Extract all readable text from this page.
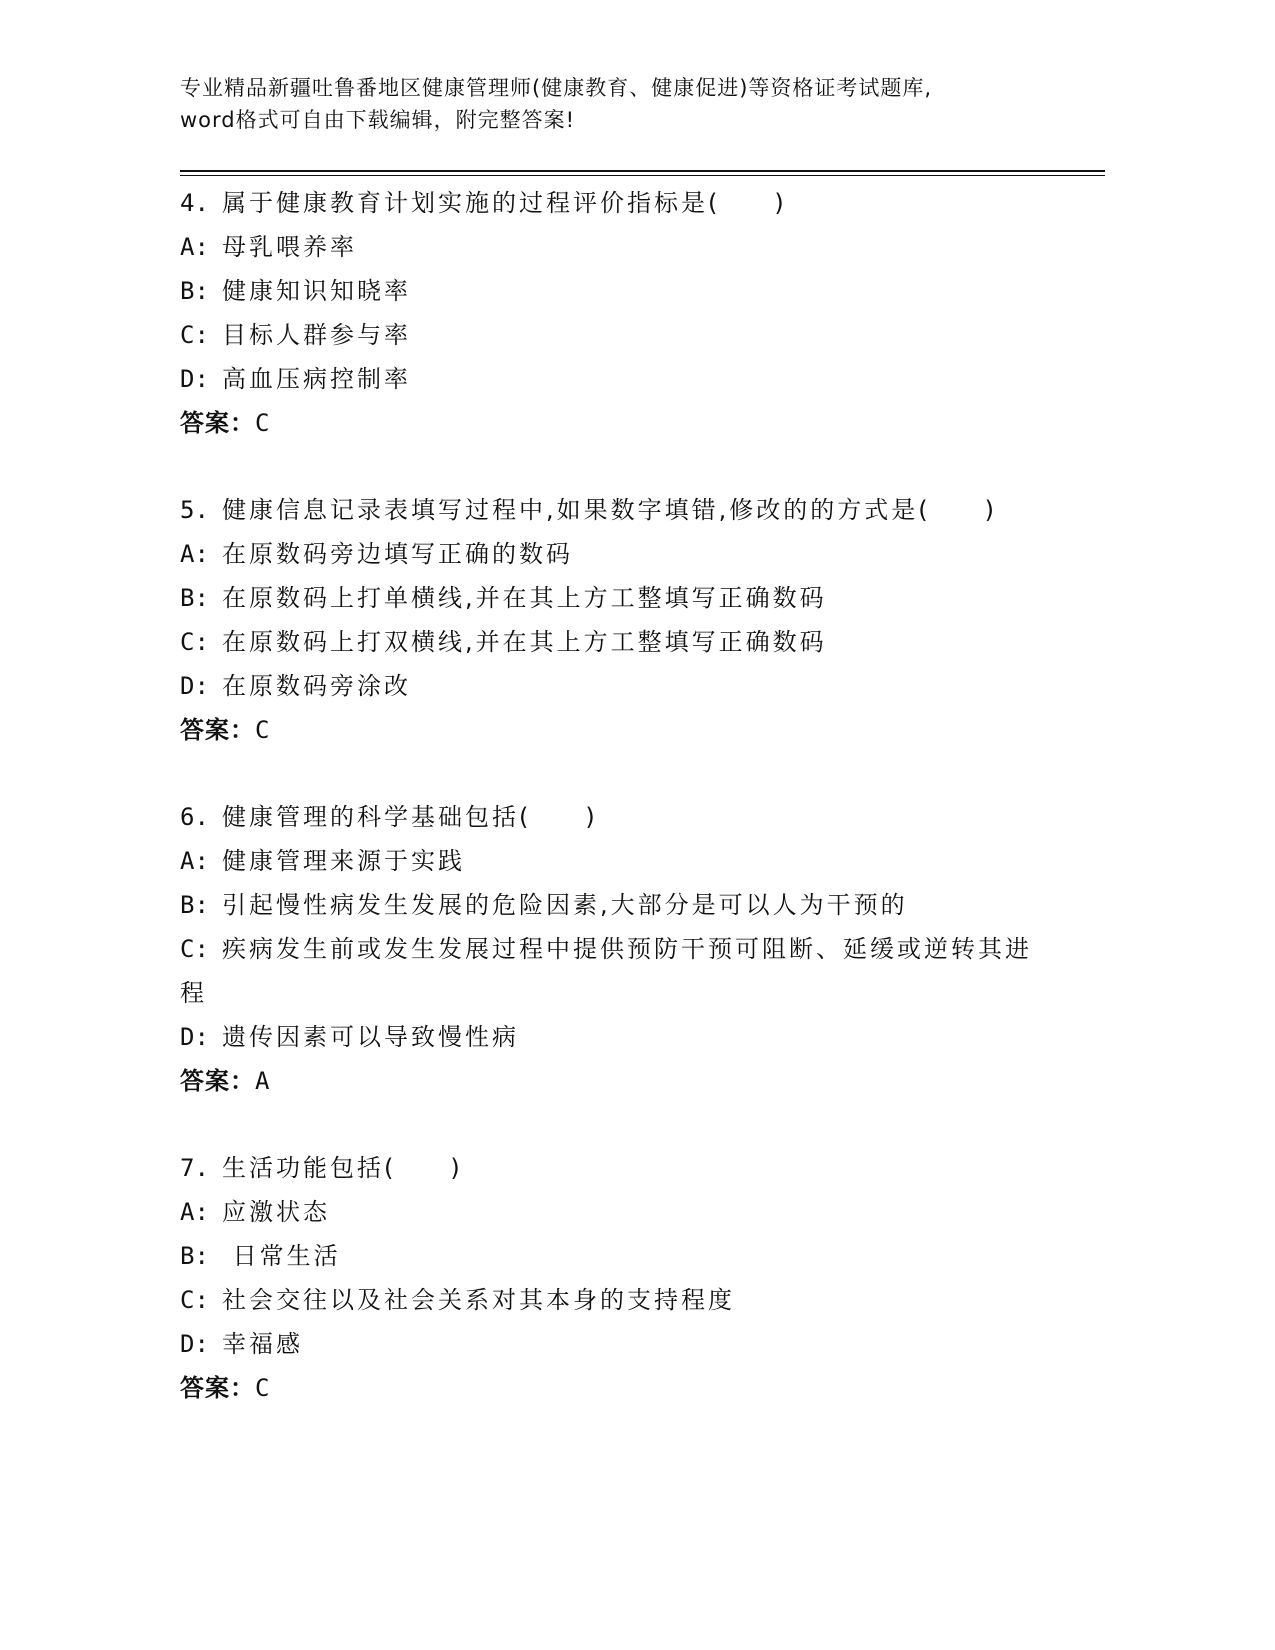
专业精品新疆吐鲁番地区健康管理师(健康教育、健康促进)等资格证考试题库,
word格式可自由下载编辑，附完整答案!
4. 属于健康教育计划实施的过程评价指标是(　　)
A: 母乳喂养率
B: 健康知识知晓率
C: 目标人群参与率
D: 高血压病控制率
答案：C
5. 健康信息记录表填写过程中,如果数字填错,修改的的方式是(　　)
A: 在原数码旁边填写正确的数码
B: 在原数码上打单横线,并在其上方工整填写正确数码
C: 在原数码上打双横线,并在其上方工整填写正确数码
D: 在原数码旁涂改
答案：C
6. 健康管理的科学基础包括(　　)
A: 健康管理来源于实践
B: 引起慢性病发生发展的危险因素,大部分是可以人为干预的
C: 疾病发生前或发生发展过程中提供预防干预可阻断、延缓或逆转其进程
D: 遗传因素可以导致慢性病
答案：A
7. 生活功能包括(　　)
A: 应激状态
B: 日常生活
C: 社会交往以及社会关系对其本身的支持程度
D: 幸福感
答案：C
